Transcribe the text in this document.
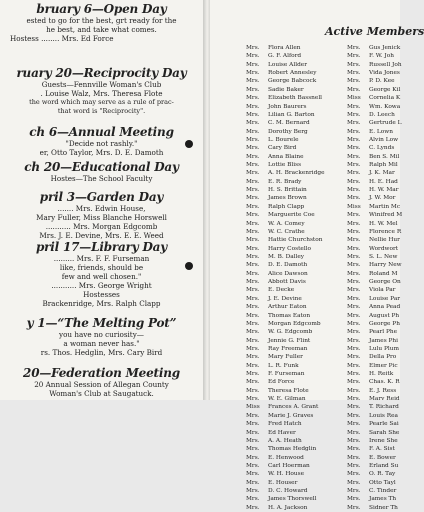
bruary 6—Open Day
ested to go for the best, grt ready for the
he best, and take what comes.
Hostess ........ Mrs. Ed Force
ruary 20—Reciprocity Day
Guests—Fennville Woman's Club
. Louise Walz, Mrs. Theresa Flote
the word which may serve as a rule of prac-
that word is "Reciprocity".
ch 6—Annual Meeting
"Decide not rashly."
er, Otto Taylor, Mrs. D. E. Damoth
ch 20—Educational Day
Hostes—The School Faculty
pril 3—Garden Day
....... Mrs. Edwin House,
Mary Fuller, Miss Blanche Horswell
........... Mrs. Morgan Edgcomb
Mrs. J. E. Devine, Mrs. E. E. Weed
pril 17—Library Day
......... Mrs. F. F. Furseman
like, friends, should be
few and well chosen."
........... Mrs. George Wright
Hostesses
Brackenridge, Mrs. Ralph Clapp
y 1—“The Melting Pot”
you have no curiosity—
a woman never has."
rs. Thos. Hedglin, Mrs. Cary Bird
20—Federation Meeting
20 Annual Session of Allegan County
Woman's Club at Saugatuck.
Active Members
Mrs. Flora Allen
Mrs. G. F. Alford
Mrs. Louise Allder
Mrs. Robert Annesley
Mrs. George Babcock
Mrs. Sadie Baker
Mrs. Elizabeth Bassnell
Mrs. John Baurers
Mrs. Lilian G. Barton
Mrs. C. M. Bernard
Mrs. Dorothy Berg
Mrs. L. Bourele
Mrs. Cary Bird
Mrs. Anna Blaine
Mrs. Lottie Bliss
Mrs. A. H. Brackenridge
Mrs. E. R. Brady
Mrs. H. S. Brittain
Mrs. James Brown
Mrs. Ralph Clapp
Mrs. Marguerite Coe
Mrs. W. A. Comey
Mrs. W. C. Crathe
Mrs. Hattie Churchston
Mrs. Harry Costello
Mrs. M. B. Dalley
Mrs. D. E. Damoth
Mrs. Alice Dawson
Mrs. Abbott Davis
Mrs. E. Decke
Mrs. J. E. Devine
Mrs. Arthur Eaton
Mrs. Thomas Eaton
Mrs. Morgan Edgcomb
Mrs. W. G. Edgcomb
Mrs. Jennie G. Flint
Mrs. Ray Freeman
Mrs. Mary Fuller
Mrs. L. R. Funk
Mrs. F. Furseman
Mrs. Ed Force
Mrs. Theresa Flote
Mrs. W. E. Gilman
Miss Frances A. Grant
Mrs. Marie J. Graves
Mrs. Fred Hatch
Mrs. Ed Haver
Mrs. A. A. Heath
Mrs. Thomas Hedglin
Mrs. E. Henwood
Mrs. Carl Hoerman
Mrs. W. H. House
Mrs. E. Houser
Mrs. D. C. Howard
Mrs. James Thorswell
Mrs. H. A. Jackson
Mrs. Gus Jenick
Mrs. F. W. Joh
Mrs. Russell Joh
Mrs. Vida Jones
Mrs. P. D. Kee
Mrs. George Kil
Miss Cornelia K
Mrs. Wm. Kowa
Mrs. D. Leech
Mrs. Gertrude L
Mrs. E. Lown
Mrs. Alvin Low
Mrs. C. Lynds
Mrs. Ben S. Mil
Mrs. Ralph Mil
Mrs. J. K. Mar
Mrs. H. E. Had
Mrs. H. W. Mar
Mrs. J. W. Mor
Miss Martin Mc
Mrs. Winifred M
Mrs. H. W. Mel
Mrs. Florence R
Mrs. Nellie Hur
Mrs. Wordwort
Mrs. S. L. New
Mrs. Harry New
Mrs. Roland M
Mrs. George On
Mrs. Viola Par
Mrs. Louise Par
Mrs. Anna Pead
Mrs. August Ph
Mrs. George Ph
Mrs. Pearl Phe
Mrs. James Phi
Mrs. Lulu Plum
Mrs. Della Pro
Mrs. Elmer Pic
Mrs. H. Reitk
Mrs. Chas. K. R
Mrs. E. J. Ress
Mrs. Marv Reid
Mrs. T. Richard
Mrs. Louis Rea
Mrs. Pearle Sai
Mrs. Sarah She
Mrs. Irene She
Mrs. F. A. Sist
Mrs. E. Bower
Mrs. Erland Su
Mrs. O. R. Tay
Mrs. Otto Tayl
Mrs. C. Tinder
Mrs. James Th
Mrs. Sidner Th
